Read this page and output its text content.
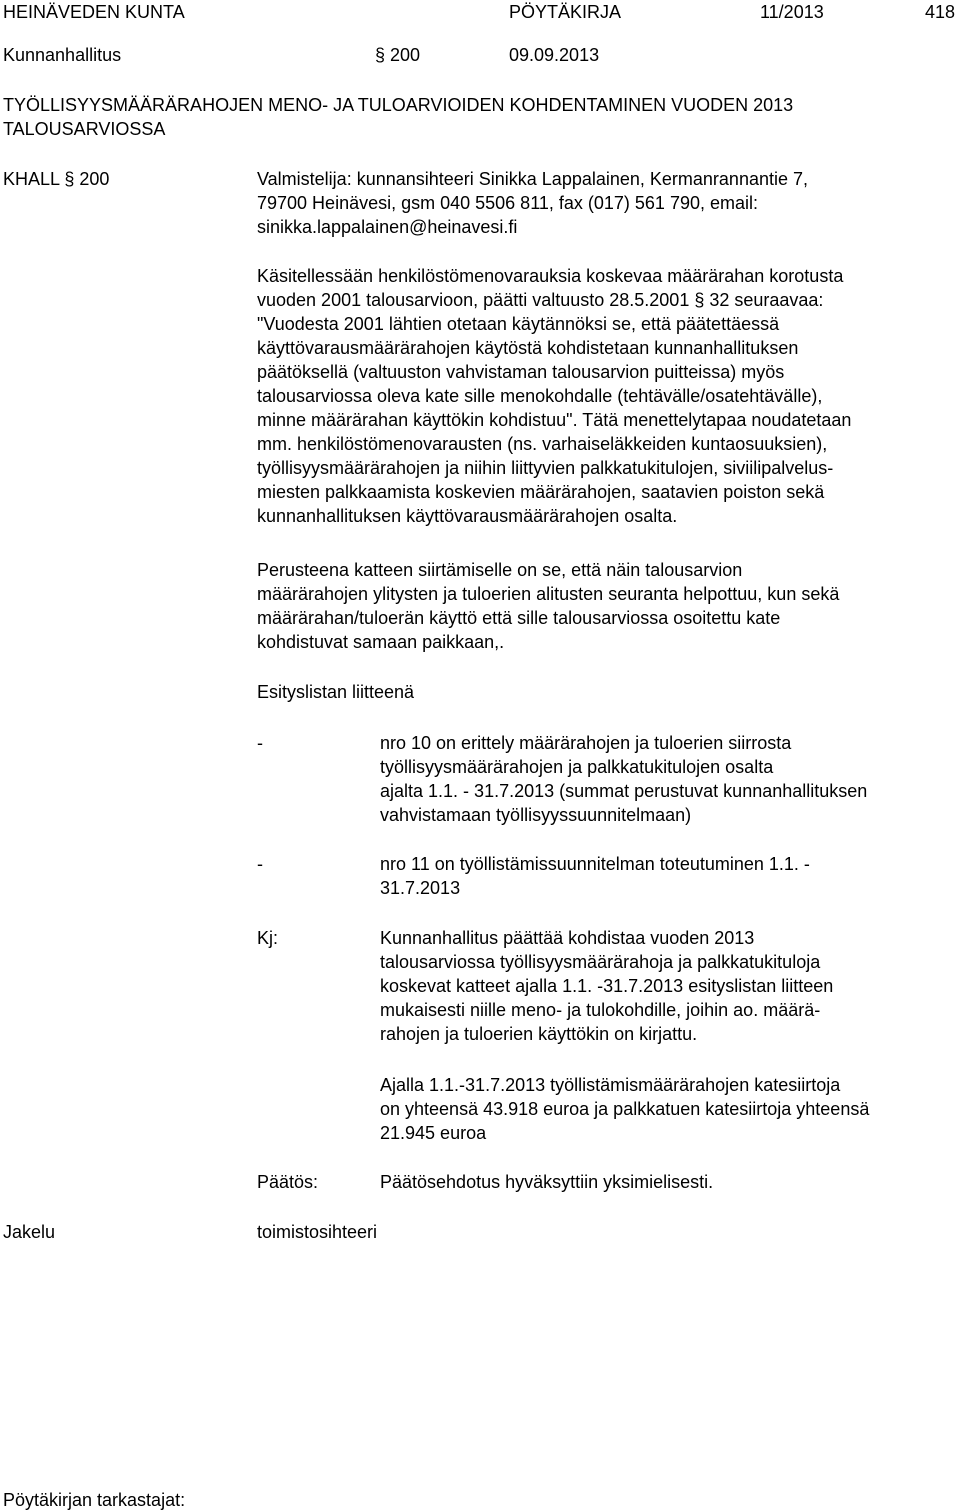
HEINÄVEDEN KUNTA	PÖYTÄKIRJA	11/2013	418
Kunnanhallitus	§ 200	09.09.2013
TYÖLLISYYSMÄÄRÄRAHOJEN MENO- JA TULOARVIOIDEN KOHDENTAMINEN VUODEN 2013
TALOUSARVIOSSA
KHALL § 200	Valmistelija: kunnansihteeri Sinikka Lappalainen, Kermanrannantie 7,
79700 Heinävesi, gsm 040 5506 811, fax (017) 561 790, email:
sinikka.lappalainen@heinavesi.fi
Käsitellessään henkilöstömenovarauksia koskevaa määrärahan korotusta
vuoden 2001 talousarvioon, päätti valtuusto 28.5.2001 § 32 seuraavaa:
"Vuodesta 2001 lähtien otetaan käytännöksi se, että päätettäessä
käyttövarausmäärärahojen käytöstä kohdistetaan kunnanhallituksen
päätöksellä (valtuuston vahvistaman talousarvion puitteissa) myös
talousarviossa oleva kate sille menokohdalle (tehtävälle/osatehtävälle),
minne määrärahan käyttökin kohdistuu". Tätä menettelytapaa noudatetaan
mm. henkilöstömenovarausten (ns. varhaiseläkkeiden kuntaosuuksien),
työllisyysmäärärahojen ja niihin liittyvien palkkatukitulojen, siviilipalvelus-
miesten palkkaamista koskevien määrärahojen, saatavien poiston sekä
kunnanhallituksen käyttövarausmäärärahojen osalta.
Perusteena katteen siirtämiselle on se, että näin talousarvion
määrärahojen ylitysten ja tuloerien alitusten seuranta helpottuu, kun sekä
määrärahan/tuloerän käyttö että sille talousarviossa osoitettu kate
kohdistuvat samaan paikkaan,.
Esityslistan liitteenä
-	nro 10 on erittely määrärahojen ja tuloerien siirrosta
työllisyysmäärärahojen ja palkkatukitulojen osalta
ajalta 1.1. - 31.7.2013 (summat perustuvat kunnanhallituksen
vahvistamaan työllisyyssuunnitelmaan)
-	nro 11 on työllistämissuunnitelman toteutuminen 1.1. -
31.7.2013
Kj:	Kunnanhallitus päättää kohdistaa vuoden 2013
talousarviossa työllisyysmäärärahoja ja palkkatukituloja
koskevat katteet ajalla 1.1. -31.7.2013 esityslistan liitteen
mukaisesti niille meno- ja tulokohdille, joihin ao. määrä-
rahojen ja tuloerien käyttökin on kirjattu.
Ajalla 1.1.-31.7.2013 työllistämismäärärahojen katesiirtoja
on yhteensä 43.918 euroa ja palkkatuen katesiirtoja yhteensä
21.945 euroa
Päätös:	Päätösehdotus hyväksyttiin yksimielisesti.
Jakelu	toimistosihteeri
Pöytäkirjan tarkastajat:
